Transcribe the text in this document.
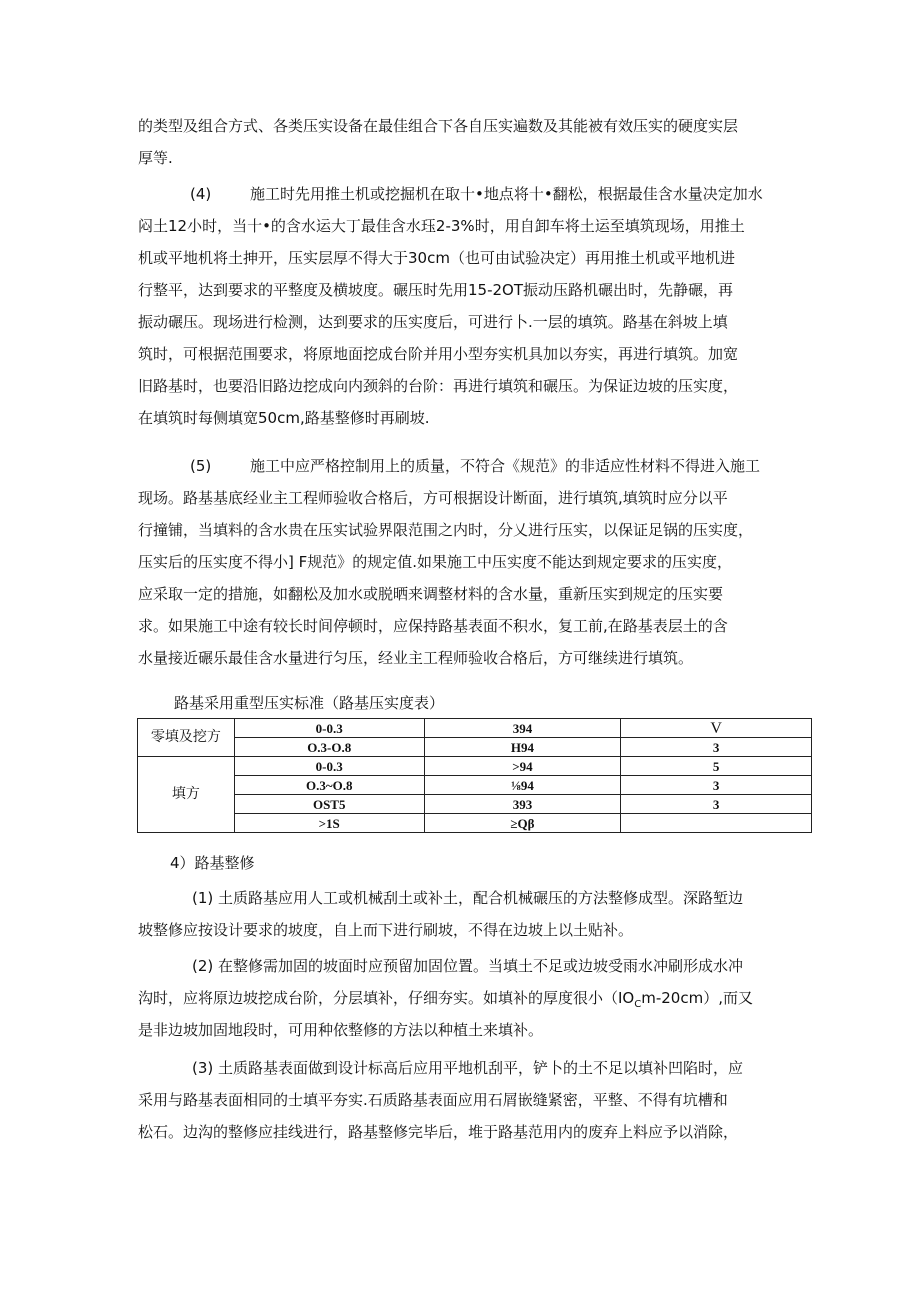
的类型及组合方式、各类压实设备在最佳组合下各自压实遍数及其能被有效压实的硬度实层
厚等.
(4)	施工时先用推土机或挖掘机在取十•地点将十•翻松，根据最佳含水量决定加水
闷土12小时，当十•的含水运大丁最佳含水珏2-3%时，用自卸车将土运至填筑现场，用推土
机或平地机将土抻开，压实层厚不得大于30cm（也可由试验决定）再用推土机或平地机进
行整平，达到要求的平整度及横坡度。碾压时先用15-2OT振动压路机碾出时，先静碾，再
振动碾压。现场进行检测，达到要求的压实度后，可进行卜.一层的填筑。路基在斜坡上填
筑时，可根据范围要求，将原地面挖成台阶并用小型夯实机具加以夯实，再进行填筑。加宽
旧路基时，也要沿旧路边挖成向内颈斜的台阶：再进行填筑和碾压。为保证边坡的压实度，
在填筑时每侧填宽50cm,路基整修时再刷坡.
(5)	施工中应严格控制用上的质量，不符合《规范》的非适应性材料不得进入施工
现场。路基基底经业主工程师验收合格后，方可根据设计断面，进行填筑,填筑时应分以平
行撞铺，当填料的含水贵在压实试验界限范围之内时，分乂进行压实，以保证足锅的压实度，
压实后的压实度不得小] F规范》的规定值.如果施工中压实度不能达到规定要求的压实度，
应采取一定的措施，如翻松及加水或脱晒来调整材料的含水量，重新压实到规定的压实要
求。如果施工中途有较长时间停顿时，应保持路基表面不积水，复工前,在路基表层土的含
水量接近碾乐最佳含水量进行匀压，经业主工程师验收合格后，方可继续进行填筑。
路基采用重型压实标准（路基压实度表）
零填及挖方	0-0.3	394	V
	O.3-O.8	H94	3
填方	0-0.3	>94	5
	O.3~O.8	⅛94	3
	OST5	393	3
	>1S	≥Qβ	
4）路基整修
(1) 土质路基应用人工或机械刮土或补土，配合机械碾压的方法整修成型。深路堑边
坡整修应按设计要求的坡度，自上而下进行刷坡，不得在边坡上以土贴补。
(2) 在整修需加固的坡面时应预留加固位置。当填土不足或边坡受雨水冲刷形成水冲
沟时，应将原边坡挖成台阶，分层填补，仔细夯实。如填补的厚度很小$(IO_Cm-20cm)$,而又
是非边坡加固地段时，可用种依整修的方法以种植土来填补。
(3) 土质路基表面做到设计标高后应用平地机刮平，铲卜的土不足以填补凹陷时，应
采用与路基表面相同的士填平夯实.石质路基表面应用石屑嵌缝紧密，平整、不得有坑槽和
松石。边沟的整修应挂线进行，路基整修完毕后，堆于路基范用内的废弃上料应予以消除，
